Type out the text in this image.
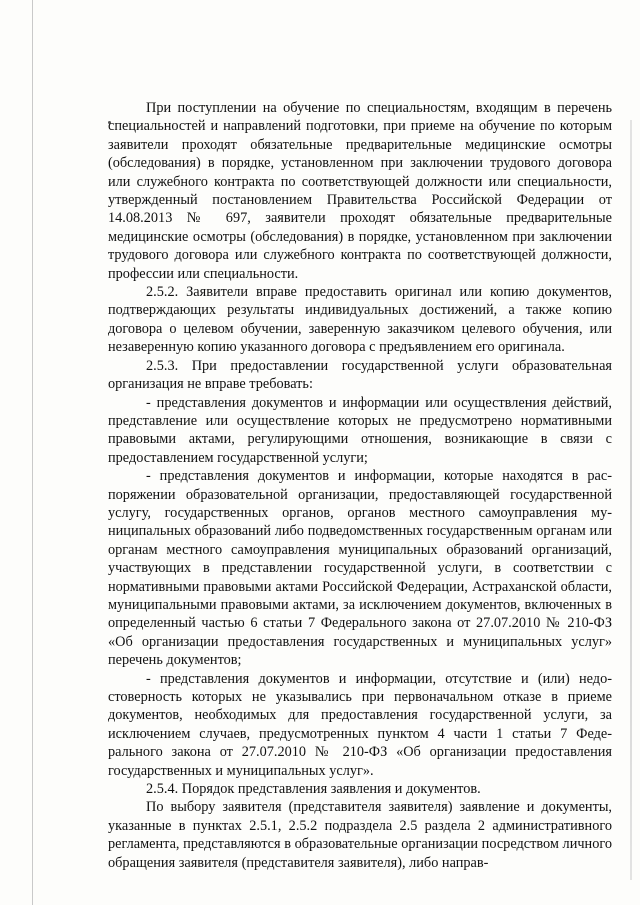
При поступлении на обучение по специальностям, входящим в перечень специальностей и направлений подготовки, при приеме на обучение по которым заявители проходят обязательные предварительные медицинские осмотры (обследования) в порядке, установленном при заключении трудового договора или служебного контракта по соответствующей должности или специальности, утвержденный постановлением Правительства Российской Федерации от 14.08.2013 № 697, заявители проходят обязательные предварительные медицинские осмотры (обследования) в порядке, установленном при заключении трудового договора или служебного контракта по соответствующей должности, профессии или специальности.

2.5.2. Заявители вправе предоставить оригинал или копию документов, подтверждающих результаты индивидуальных достижений, а также копию договора о целевом обучении, заверенную заказчиком целевого обучения, или незаверенную копию указанного договора с предъявлением его оригинала.

2.5.3. При предоставлении государственной услуги образовательная организация не вправе требовать:

- представления документов и информации или осуществления действий, представление или осуществление которых не предусмотрено нормативными правовыми актами, регулирующими отношения, возникающие в связи с предоставлением государственной услуги;

- представления документов и информации, которые находятся в распоряжении образовательной организации, предоставляющей государственной услугу, государственных органов, органов местного самоуправления муниципальных образований либо подведомственных государственным органам или органам местного самоуправления муниципальных образований организаций, участвующих в представлении государственной услуги, в соответствии с нормативными правовыми актами Российской Федерации, Астраханской области, муниципальными правовыми актами, за исключением документов, включенных в определенный частью 6 статьи 7 Федерального закона от 27.07.2010 № 210-ФЗ «Об организации предоставления государственных и муниципальных услуг» перечень документов;

- представления документов и информации, отсутствие и (или) недостоверность которых не указывались при первоначальном отказе в приеме документов, необходимых для предоставления государственной услуги, за исключением случаев, предусмотренных пунктом 4 части 1 статьи 7 Федерального закона от 27.07.2010 № 210-ФЗ «Об организации предоставления государственных и муниципальных услуг».

2.5.4. Порядок представления заявления и документов.

По выбору заявителя (представителя заявителя) заявление и документы, указанные в пунктах 2.5.1, 2.5.2 подраздела 2.5 раздела 2 административного регламента, представляются в образовательные организации посредством личного обращения заявителя (представителя заявителя), либо направ-
